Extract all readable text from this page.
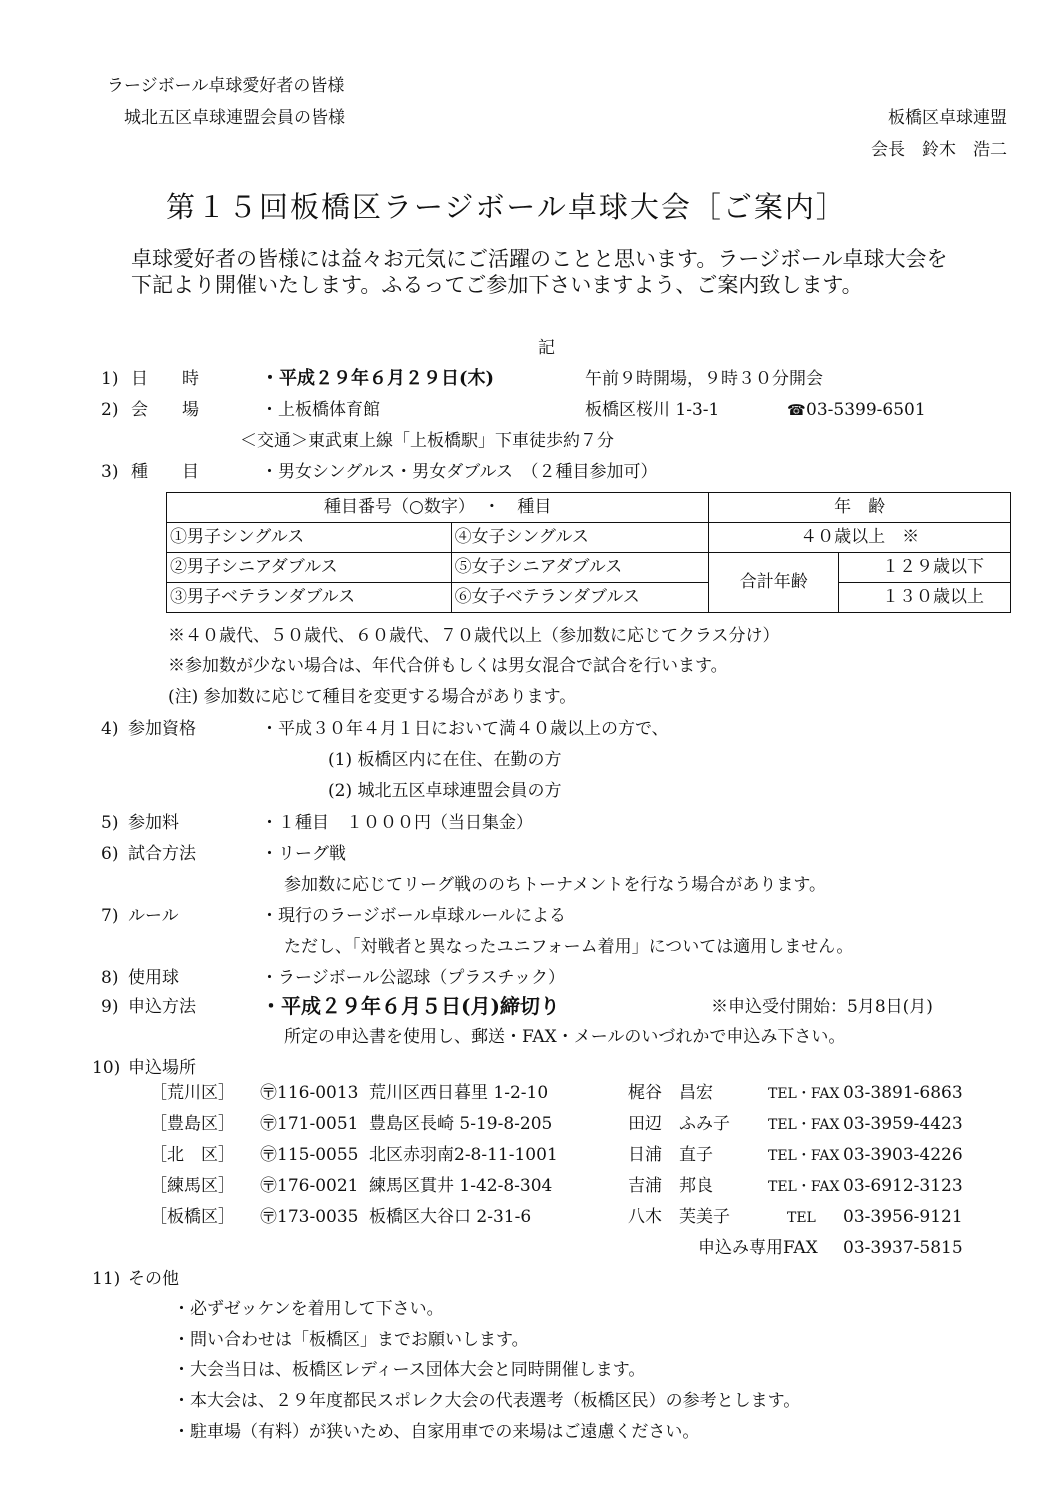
ラージボール卓球愛好者の皆様
城北五区卓球連盟会員の皆様	板橋区卓球連盟
会長　鈴木　浩二
第１５回板橋区ラージボール卓球大会［ご案内］
卓球愛好者の皆様には益々お元気にご活躍のことと思います。ラージボール卓球大会を下記より開催いたします。ふるってご参加下さいますよう、ご案内致します。
記
1) 日　　時	・平成２９年６月２９日(木)	午前９時開場，９時３０分開会
2) 会　　場	・上板橋体育館	板橋区桜川 1-3-1	☎ 03-5399-6501
＜交通＞東武東上線「上板橋駅」下車徒歩約７分
3) 種　　目	・男女シングルス・男女ダブルス　（２種目参加可）
種目番号（○数字）　・　種目		年　齢	
①男子シングルス	④女子シングルス	４０歳以上　※	
②男子シニアダブルス	⑤女子シニアダブルス	合計年齢	１２９歳以下
③男子ベテランダブルス	⑥女子ベテランダブルス		１３０歳以上
※４０歳代、５０歳代、６０歳代、７０歳代以上（参加数に応じてクラス分け）
※参加数が少ない場合は、年代合併もしくは男女混合で試合を行います。
(注) 参加数に応じて種目を変更する場合があります。
4) 参加資格	・平成３０年４月１日において満４０歳以上の方で、
(1) 板橋区内に在住、在勤の方
(2) 城北五区卓球連盟会員の方
5) 参加料	・１種目　１０００円（当日集金）
6) 試合方法	・リーグ戦
参加数に応じてリーグ戦ののちトーナメントを行なう場合があります。
7) ルール	・現行のラージボール卓球ルールによる
ただし、「対戦者と異なったユニフォーム着用」については適用しません。
8) 使用球	・ラージボール公認球（プラスチック）
9) 申込方法	・平成２９年６月５日(月)締切り	※申込受付開始：5月8日(月)
所定の申込書を使用し、郵送・FAX・メールのいづれかで申込み下さい。
10) 申込場所
［荒川区］ 〶116-0013 荒川区西日暮里 1-2-10	梶谷　昌宏	TEL・FAX 03-3891-6863
［豊島区］ 〶171-0051 豊島区長崎 5-19-8-205	田辺　ふみ子	TEL・FAX 03-3959-4423
［北　区］ 〶115-0055 北区赤羽南2-8-11-1001	日浦　直子	TEL・FAX 03-3903-4226
［練馬区］ 〶176-0021 練馬区貫井 1-42-8-304	吉浦　邦良	TEL・FAX 03-6912-3123
［板橋区］ 〶173-0035 板橋区大谷口 2-31-6	八木　芙美子	TEL 03-3956-9121
申込み専用FAX 03-3937-5815
11) その他
・必ずゼッケンを着用して下さい。
・問い合わせは「板橋区」までお願いします。
・大会当日は、板橋区レディース団体大会と同時開催します。
・本大会は、２９年度都民スポレク大会の代表選考（板橋区民）の参考とします。
・駐車場（有料）が狭いため、自家用車での来場はご遠慮ください。
